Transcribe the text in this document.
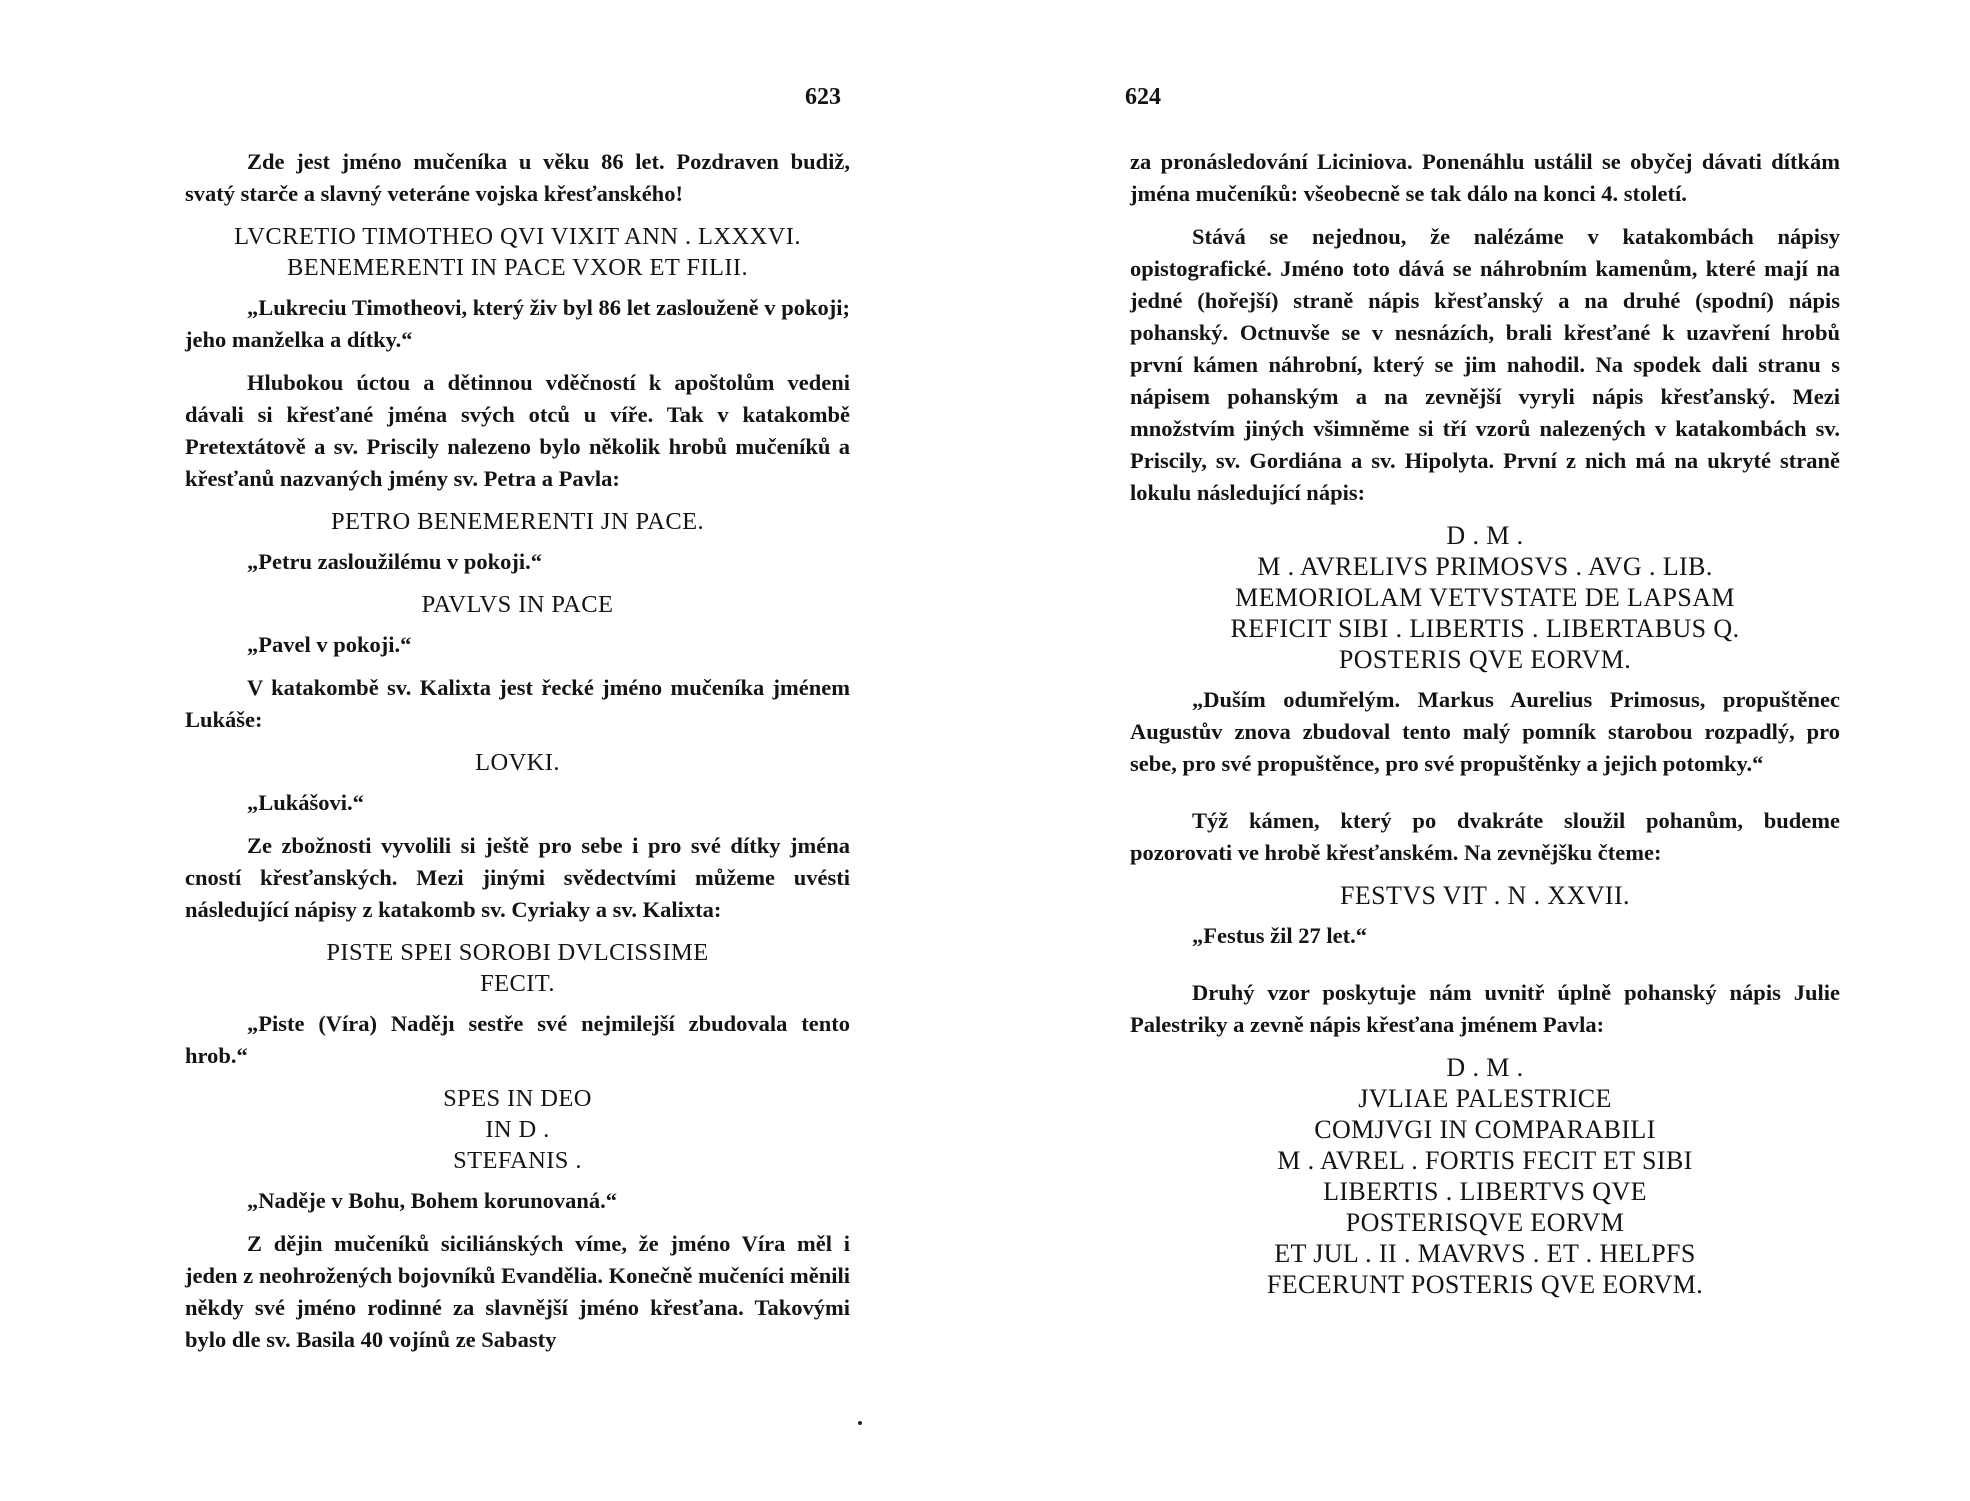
623

Zde jest jméno mučeníka u věku 86 let. Pozdraven budiž, svatý starče a slavný veteráne vojska křesťanského!

LVCRETIO TIMOTHEO QVI VIXIT ANN . LXXXVI.
BENEMERENTI IN PACE VXOR ET FILII.

„Lukreciu Timotheovi, který živ byl 86 let zaslouženě v pokoji; jeho manželka a dítky.“

Hlubokou úctou a dětinnou vděčností k apoštolům vedeni dávali si křesťané jména svých otců u víře. Tak v katakombě Pretextátově a sv. Priscily nalezeno bylo několik hrobů mučeníků a křesťanů nazvaných jmény sv. Petra a Pavla:

PETRO BENEMERENTI JN PACE.

„Petru zasloužilému v pokoji.“

PAVLVS IN PACE

„Pavel v pokoji.“

V katakombě sv. Kalixta jest řecké jméno mučeníka jménem Lukáše:

LOVKI.

„Lukášovi.“

Ze zbožnosti vyvolili si ještě pro sebe i pro své dítky jména cností křesťanských. Mezi jinými svědectvími můžeme uvésti následující nápisy z katakomb sv. Cyriaky a sv. Kalixta:

PISTE SPEI SOROBI DVLCISSIME
FECIT.

„Piste (Víra) Nadějı sestře své nejmilejší zbudovala tento hrob.“

SPES IN DEO
IN D .
STEFANIS .

„Naděje v Bohu, Bohem korunovaná.“

Z dějin mučeníků siciliánských víme, že jméno Víra měl i jeden z neohrožených bojovníků Evandělia. Konečně mučeníci měnili někdy své jméno rodinné za slavnější jméno křesťana. Takovými bylo dle sv. Basila 40 vojínů ze Sabasty

624

za pronásledování Liciniova. Ponenáhlu ustálil se obyčej dávati dítkám jména mučeníků: všeobecně se tak dálo na konci 4. století.

Stává se nejednou, že nalézáme v katakombách nápisy opistografické. Jméno toto dává se náhrobním kamenům, které mají na jedné (hořejší) straně nápis křesťanský a na druhé (spodní) nápis pohanský. Octnuvše se v nesnázích, brali křesťané k uzavření hrobů první kámen náhrobní, který se jim nahodil. Na spodek dali stranu s nápisem pohanským a na zevnější vyryli nápis křesťanský. Mezi množstvím jiných všimněme si tří vzorů nalezených v katakombách sv. Priscily, sv. Gordiána a sv. Hipolyta. První z nich má na ukryté straně lokulu následující nápis:

D . M .
M . AVRELIVS PRIMOSVS . AVG . LIB.
MEMORIOLAM VETVSTATE DE LAPSAM
REFICIT SIBI . LIBERTIS . LIBERTABUS Q.
POSTERIS QVE EORVM.

„Duším odumřelým. Markus Aurelius Primosus, propuštěnec Augustův znova zbudoval tento malý pomník starobou rozpadlý, pro sebe, pro své propuštěnce, pro své propuštěnky a jejich potomky.“

Týž kámen, který po dvakráte sloužil pohanům, budeme pozorovati ve hrobě křesťanském. Na zevnějšku čteme:

FESTVS VIT . N . XXVII.

„Festus žil 27 let.“

Druhý vzor poskytuje nám uvnitř úplně pohanský nápis Julie Palestriky a zevně nápis křesťana jménem Pavla:

D . M .
JVLIAE PALESTRICE
COMJVGI IN COMPARABILI
M . AVREL . FORTIS FECIT ET SIBI
LIBERTIS . LIBERTVS QVE
POSTERISQVE EORVM
ET JUL . II . MAVRVS . ET . HELPFS
FECERUNT POSTERIS QVE EORVM.
